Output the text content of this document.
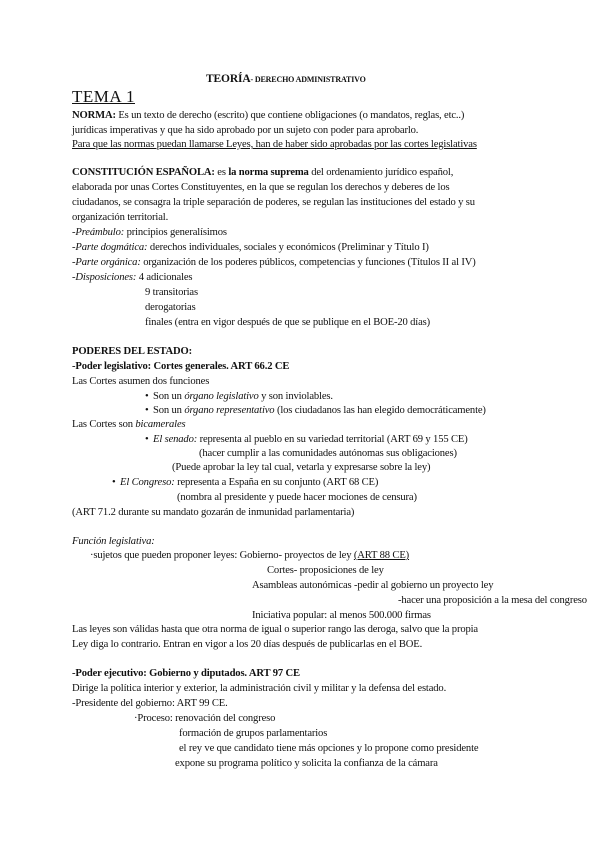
TEORÍA- DERECHO ADMINISTRATIVO
TEMA 1
NORMA: Es un texto de derecho (escrito) que contiene obligaciones (o mandatos, reglas, etc..)
jurídicas imperativas y que ha sido aprobado por un sujeto con poder para aprobarlo.
Para que las normas puedan llamarse Leyes, han de haber sido aprobadas por las cortes legislativas
CONSTITUCIÓN ESPAÑOLA: es la norma suprema del ordenamiento jurídico español,
elaborada por unas Cortes Constituyentes, en la que se regulan los derechos y deberes de los
ciudadanos, se consagra la triple separación de poderes, se regulan las instituciones del estado y su
organización territorial.
-Preámbulo: principios generalísimos
-Parte dogmática: derechos individuales, sociales y económicos (Preliminar y Título I)
-Parte orgánica: organización de los poderes públicos, competencias y funciones (Títulos II al IV)
-Disposiciones: 4 adicionales
9 transitorias
derogatorias
finales (entra en vigor después de que se publique en el BOE-20 días)
PODERES DEL ESTADO:
-Poder legislativo: Cortes generales. ART 66.2 CE
Las Cortes asumen dos funciones
• Son un órgano legislativo y son inviolables.
• Son un órgano representativo (los ciudadanos las han elegido democráticamente)
Las Cortes son bicamerales
• El senado: representa al pueblo en su variedad territorial (ART 69 y 155 CE)
(hacer cumplir a las comunidades autónomas sus obligaciones)
(Puede aprobar la ley tal cual, vetarla y expresarse sobre la ley)
• El Congreso: representa a España en su conjunto (ART 68 CE)
(nombra al presidente y puede hacer mociones de censura)
(ART 71.2 durante su mandato gozarán de inmunidad parlamentaria)
Función legislativa:
·sujetos que pueden proponer leyes: Gobierno- proyectos de ley (ART 88 CE)
Cortes- proposiciones de ley
Asambleas autonómicas -pedir al gobierno un proyecto ley
-hacer una proposición a la mesa del congreso
Iniciativa popular: al menos 500.000 firmas
Las leyes son válidas hasta que otra norma de igual o superior rango las deroga, salvo que la propia
Ley diga lo contrario. Entran en vigor a los 20 días después de publicarlas en el BOE.
-Poder ejecutivo: Gobierno y diputados. ART 97 CE
Dirige la política interior y exterior, la administración civil y militar y la defensa del estado.
-Presidente del gobierno: ART 99 CE.
·Proceso: renovación del congreso
formación de grupos parlamentarios
el rey ve que candidato tiene más opciones y lo propone como presidente
expone su programa político y solicita la confianza de la cámara
